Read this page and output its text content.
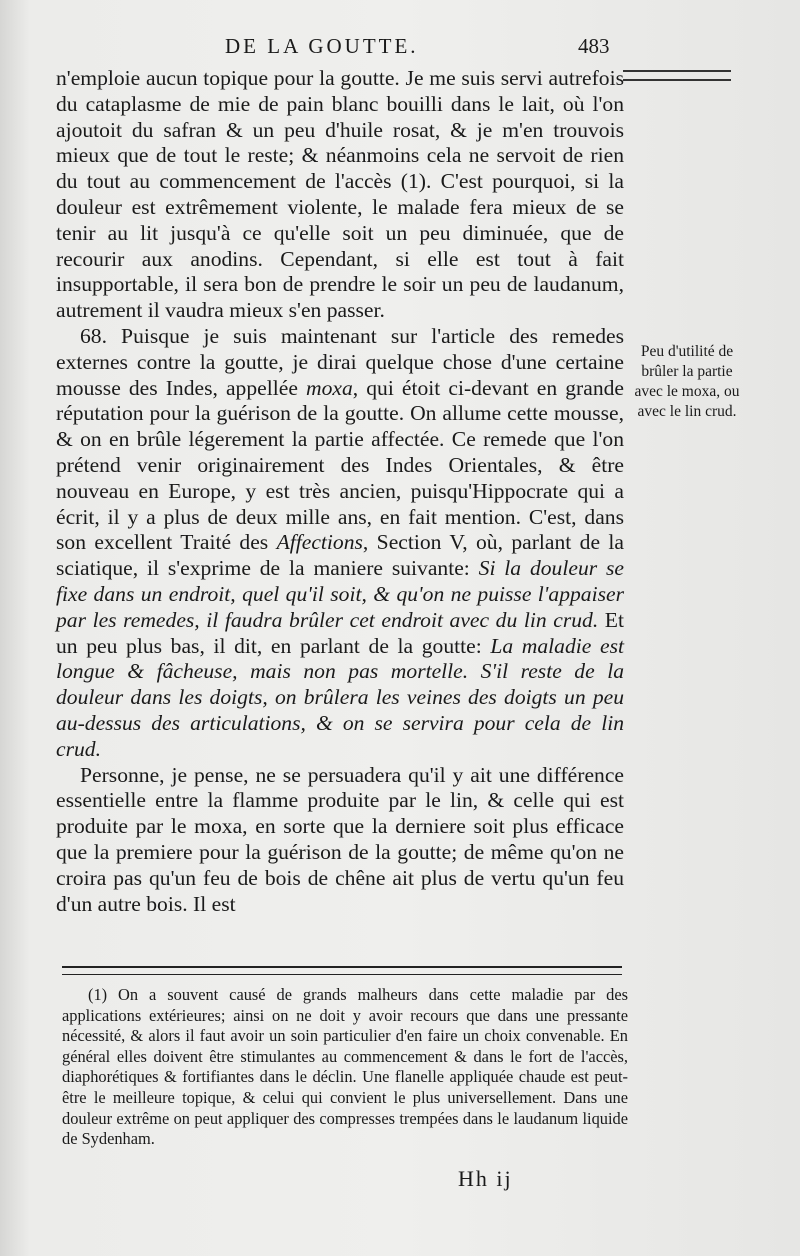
DE LA GOUTTE.	483

n'emploie aucun topique pour la goutte. Je me suis servi autrefois du cataplasme de mie de pain blanc bouilli dans le lait, où l'on ajoutoit du safran & un peu d'huile rosat, & je m'en trouvois mieux que de tout le reste; & néanmoins cela ne servoit de rien du tout au commencement de l'accès (1). C'est pourquoi, si la douleur est extrêmement violente, le malade fera mieux de se tenir au lit jusqu'à ce qu'elle soit un peu diminuée, que de recourir aux anodins. Cependant, si elle est tout à fait insupportable, il sera bon de prendre le soir un peu de laudanum, autrement il vaudra mieux s'en passer.

68. Puisque je suis maintenant sur l'article des remedes externes contre la goutte, je dirai quelque chose d'une certaine mousse des Indes, appellée moxa, qui étoit ci-devant en grande réputation pour la guérison de la goutte. On allume cette mousse, & on en brûle légerement la partie affectée. Ce remede que l'on prétend venir originairement des Indes Orientales, & être nouveau en Europe, y est très ancien, puisqu'Hippocrate qui a écrit, il y a plus de deux mille ans, en fait mention. C'est, dans son excellent Traité des Affections, Section V, où, parlant de la sciatique, il s'exprime de la maniere suivante: Si la douleur se fixe dans un endroit, quel qu'il soit, & qu'on ne puisse l'appaiser par les remedes, il faudra brûler cet endroit avec du lin crud. Et un peu plus bas, il dit, en parlant de la goutte: La maladie est longue & fâcheuse, mais non pas mortelle. S'il reste de la douleur dans les doigts, on brûlera les veines des doigts un peu au-dessus des articulations, & on se servira pour cela de lin crud.

Personne, je pense, ne se persuadera qu'il y ait une différence essentielle entre la flamme produite par le lin, & celle qui est produite par le moxa, en sorte que la derniere soit plus efficace que la premiere pour la guérison de la goutte; de même qu'on ne croira pas qu'un feu de bois de chêne ait plus de vertu qu'un feu d'un autre bois. Il est

Peu d'utilité de brûler la partie avec le moxa, ou avec le lin crud.

(1) On a souvent causé de grands malheurs dans cette maladie par des applications extérieures; ainsi on ne doit y avoir recours que dans une pressante nécessité, & alors il faut avoir un soin particulier d'en faire un choix convenable. En général elles doivent être stimulantes au commencement & dans le fort de l'accès, diaphorétiques & fortifiantes dans le déclin. Une flanelle appliquée chaude est peut-être le meilleure topique, & celui qui convient le plus universellement. Dans une douleur extrême on peut appliquer des compresses trempées dans le laudanum liquide de Sydenham.

Hh ij
